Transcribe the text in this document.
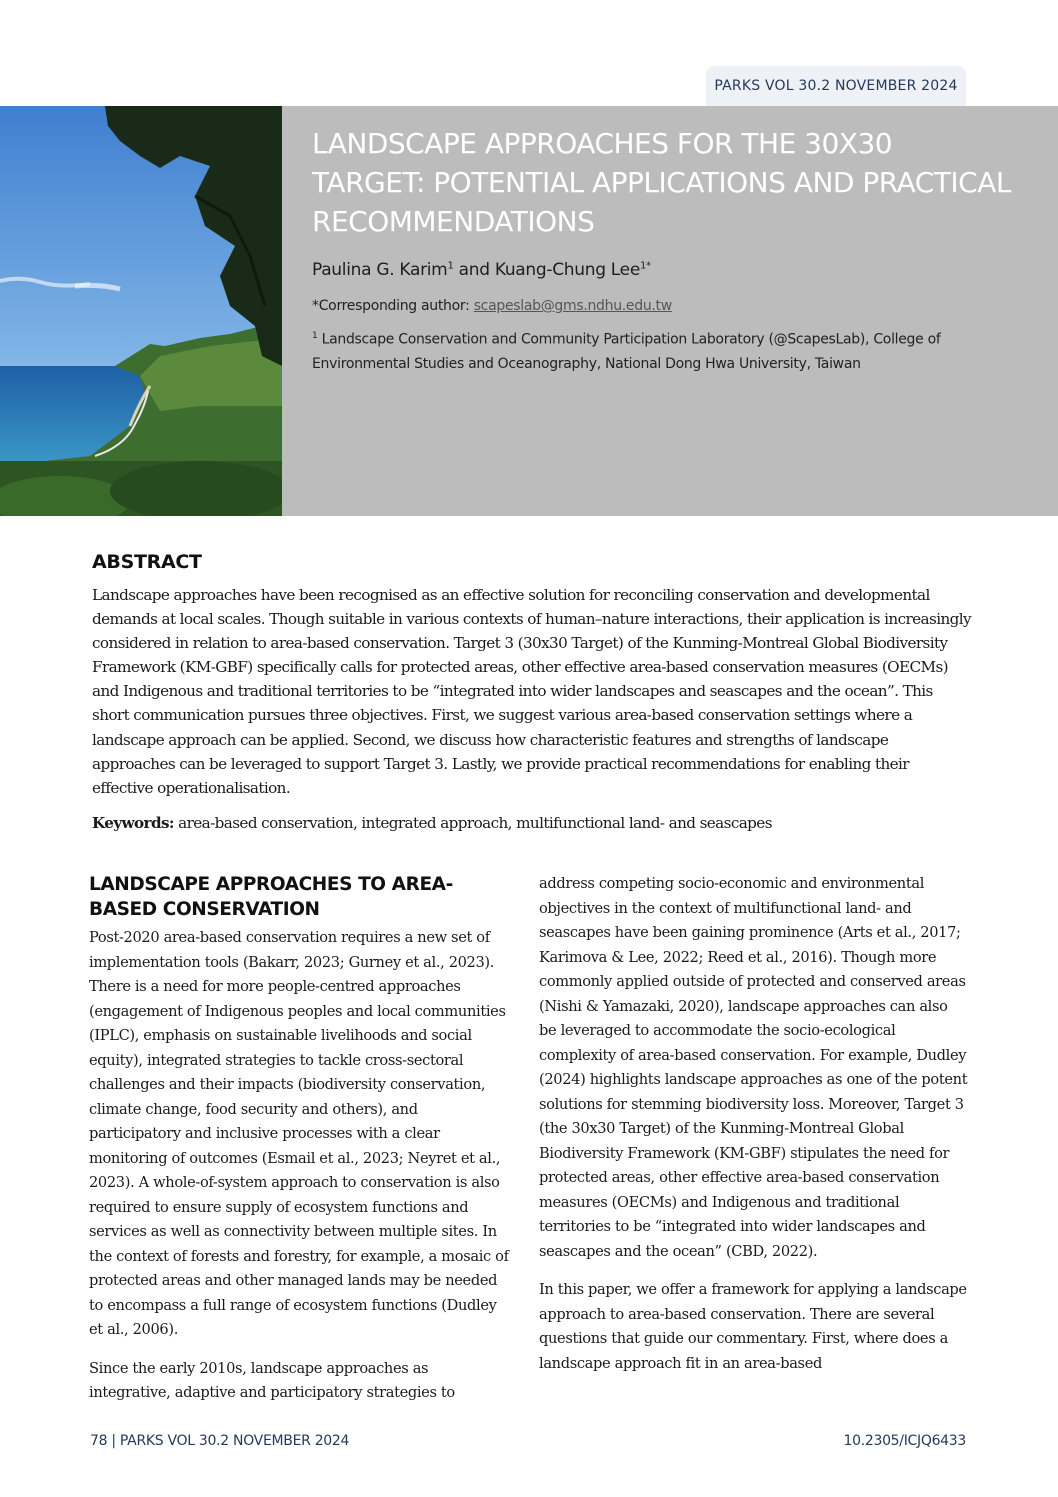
PARKS VOL 30.2 NOVEMBER 2024
LANDSCAPE APPROACHES FOR THE 30X30 TARGET: POTENTIAL APPLICATIONS AND PRACTICAL RECOMMENDATIONS
Paulina G. Karim$^1$ and Kuang-Chung Lee$^{1*}$
*Corresponding author: scapeslab@gms.ndhu.edu.tw
$^1$ Landscape Conservation and Community Participation Laboratory (@ScapesLab), College of Environmental Studies and Oceanography, National Dong Hwa University, Taiwan
ABSTRACT

Landscape approaches have been recognised as an effective solution for reconciling conservation and developmental demands at local scales. Though suitable in various contexts of human–nature interactions, their application is increasingly considered in relation to area-based conservation. Target 3 (30x30 Target) of the Kunming-Montreal Global Biodiversity Framework (KM-GBF) specifically calls for protected areas, other effective area-based conservation measures (OECMs) and Indigenous and traditional territories to be “integrated into wider landscapes and seascapes and the ocean”. This short communication pursues three objectives. First, we suggest various area-based conservation settings where a landscape approach can be applied. Second, we discuss how characteristic features and strengths of landscape approaches can be leveraged to support Target 3. Lastly, we provide practical recommendations for enabling their effective operationalisation.

Keywords: area-based conservation, integrated approach, multifunctional land- and seascapes

LANDSCAPE APPROACHES TO AREA-BASED CONSERVATION

Post-2020 area-based conservation requires a new set of implementation tools (Bakarr, 2023; Gurney et al., 2023). There is a need for more people-centred approaches (engagement of Indigenous peoples and local communities (IPLC), emphasis on sustainable livelihoods and social equity), integrated strategies to tackle cross-sectoral challenges and their impacts (biodiversity conservation, climate change, food security and others), and participatory and inclusive processes with a clear monitoring of outcomes (Esmail et al., 2023; Neyret et al., 2023). A whole-of-system approach to conservation is also required to ensure supply of ecosystem functions and services as well as connectivity between multiple sites. In the context of forests and forestry, for example, a mosaic of protected areas and other managed lands may be needed to encompass a full range of ecosystem functions (Dudley et al., 2006).

Since the early 2010s, landscape approaches as integrative, adaptive and participatory strategies to

address competing socio-economic and environmental objectives in the context of multifunctional land- and seascapes have been gaining prominence (Arts et al., 2017; Karimova & Lee, 2022; Reed et al., 2016). Though more commonly applied outside of protected and conserved areas (Nishi & Yamazaki, 2020), landscape approaches can also be leveraged to accommodate the socio-ecological complexity of area-based conservation. For example, Dudley (2024) highlights landscape approaches as one of the potent solutions for stemming biodiversity loss. Moreover, Target 3 (the 30x30 Target) of the Kunming-Montreal Global Biodiversity Framework (KM-GBF) stipulates the need for protected areas, other effective area-based conservation measures (OECMs) and Indigenous and traditional territories to be “integrated into wider landscapes and seascapes and the ocean” (CBD, 2022).

In this paper, we offer a framework for applying a landscape approach to area-based conservation. There are several questions that guide our commentary. First, where does a landscape approach fit in an area-based

78 | PARKS VOL 30.2 NOVEMBER 2024	10.2305/ICJQ6433
